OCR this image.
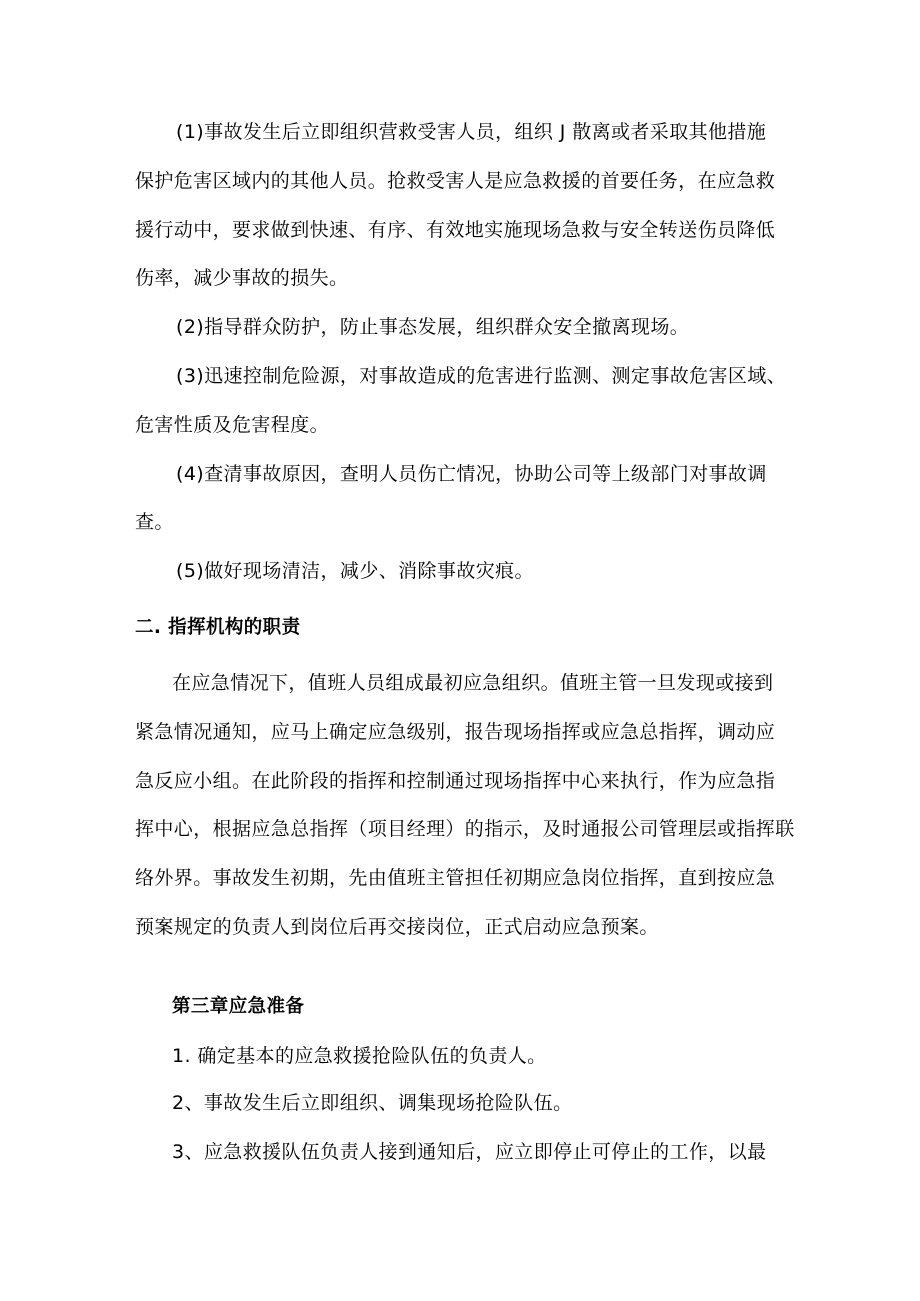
(1)事故发生后立即组织营救受害人员，组织 J 散离或者采取其他措施
保护危害区域内的其他人员。抢救受害人是应急救援的首要任务，在应急救
援行动中，要求做到快速、有序、有效地实施现场急救与安全转送伤员降低
伤率，减少事故的损失。
(2)指导群众防护，防止事态发展，组织群众安全撤离现场。
(3)迅速控制危险源，对事故造成的危害进行监测、测定事故危害区域、
危害性质及危害程度。
(4)查清事故原因，查明人员伤亡情况，协助公司等上级部门对事故调
查。
(5)做好现场清洁，减少、消除事故灾痕。
二. 指挥机构的职责
在应急情况下，值班人员组成最初应急组织。值班主管一旦发现或接到
紧急情况通知，应马上确定应急级别，报告现场指挥或应急总指挥，调动应
急反应小组。在此阶段的指挥和控制通过现场指挥中心来执行，作为应急指
挥中心，根据应急总指挥（项目经理）的指示，及时通报公司管理层或指挥联
络外界。事故发生初期，先由值班主管担任初期应急岗位指挥，直到按应急
预案规定的负责人到岗位后再交接岗位，正式启动应急预案。
第三章应急准备
1. 确定基本的应急救援抢险队伍的负责人。
2、事故发生后立即组织、调集现场抢险队伍。
3、应急救援队伍负责人接到通知后，应立即停止可停止的工作，以最
